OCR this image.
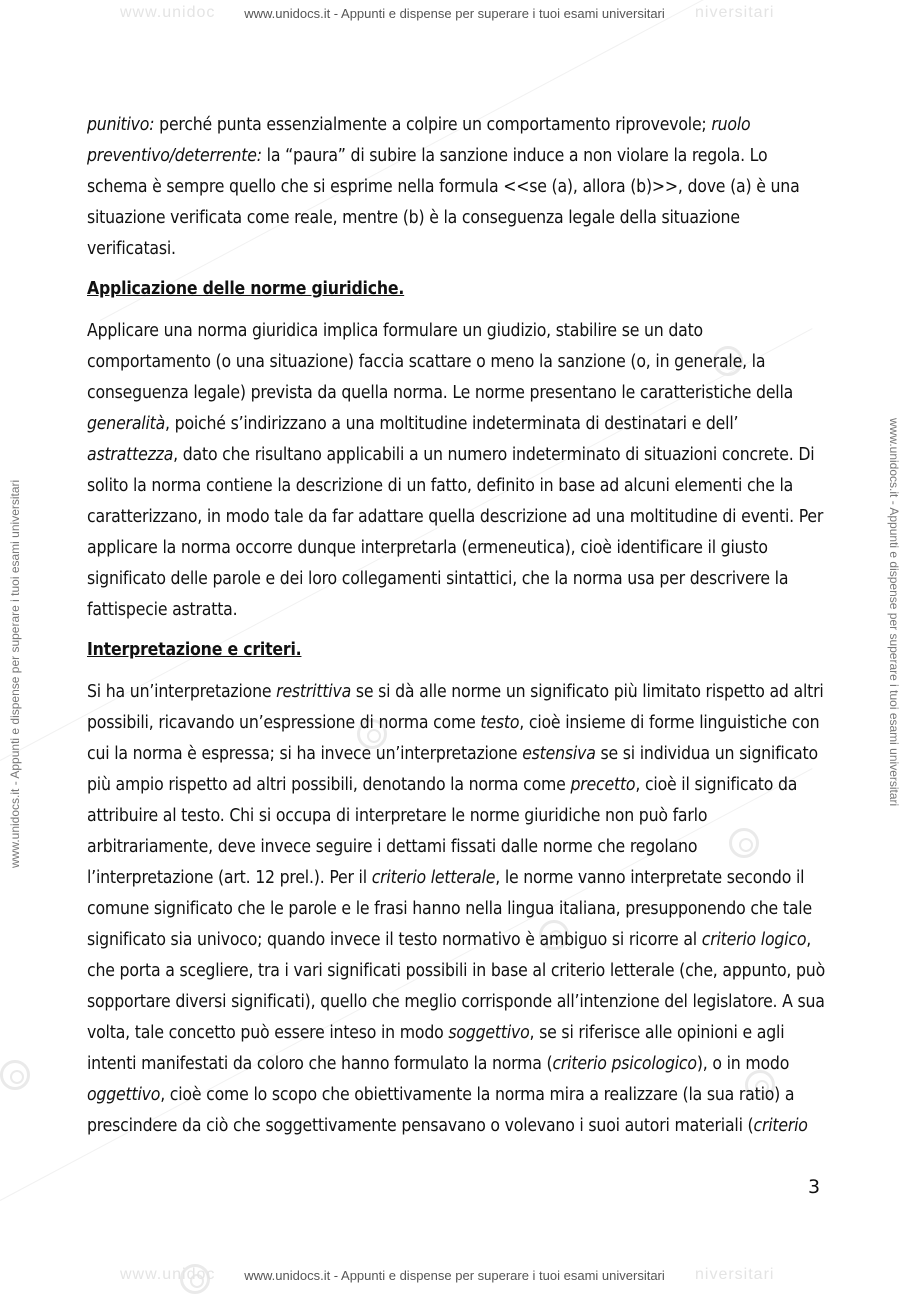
www.unidoc	niversitari
www.unidoc	niversitari
www.unidocs.it - Appunti e dispense per superare i tuoi esami universitari
www.unidocs.it - Appunti e dispense per superare i tuoi esami universitari
www.unidocs.it - Appunti e dispense per superare i tuoi esami universitari	www.unidocs.it - Appunti e dispense per superare i tuoi esami universitari

punitivo: perché punta essenzialmente a colpire un comportamento riprovevole; ruolo preventivo/deterrente: la “paura” di subire la sanzione induce a non violare la regola. Lo schema è sempre quello che si esprime nella formula <<se (a), allora (b)>>, dove (a) è una situazione verificata come reale, mentre (b) è la conseguenza legale della situazione verificatasi.

Applicazione delle norme giuridiche.

Applicare una norma giuridica implica formulare un giudizio, stabilire se un dato comportamento (o una situazione) faccia scattare o meno la sanzione (o, in generale, la conseguenza legale) prevista da quella norma. Le norme presentano le caratteristiche della generalità, poiché s’indirizzano a una moltitudine indeterminata di destinatari e dell’ astrattezza, dato che risultano applicabili a un numero indeterminato di situazioni concrete. Di solito la norma contiene la descrizione di un fatto, definito in base ad alcuni elementi che la caratterizzano, in modo tale da far adattare quella descrizione ad una moltitudine di eventi. Per applicare la norma occorre dunque interpretarla (ermeneutica), cioè identificare il giusto significato delle parole e dei loro collegamenti sintattici, che la norma usa per descrivere la fattispecie astratta.

Interpretazione e criteri.

Si ha un’interpretazione restrittiva se si dà alle norme un significato più limitato rispetto ad altri possibili, ricavando un’espressione di norma come testo, cioè insieme di forme linguistiche con cui la norma è espressa; si ha invece un’interpretazione estensiva se si individua un significato più ampio rispetto ad altri possibili, denotando la norma come precetto, cioè il significato da attribuire al testo. Chi si occupa di interpretare le norme giuridiche non può farlo arbitrariamente, deve invece seguire i dettami fissati dalle norme che regolano l’interpretazione (art. 12 prel.). Per il criterio letterale, le norme vanno interpretate secondo il comune significato che le parole e le frasi hanno nella lingua italiana, presupponendo che tale significato sia univoco; quando invece il testo normativo è ambiguo si ricorre al criterio logico, che porta a scegliere, tra i vari significati possibili in base al criterio letterale (che, appunto, può sopportare diversi significati), quello che meglio corrisponde all’intenzione del legislatore. A sua volta, tale concetto può essere inteso in modo soggettivo, se si riferisce alle opinioni e agli intenti manifestati da coloro che hanno formulato la norma (criterio psicologico), o in modo oggettivo, cioè come lo scopo che obiettivamente la norma mira a realizzare (la sua ratio) a prescindere da ciò che soggettivamente pensavano o volevano i suoi autori materiali (criterio

3
